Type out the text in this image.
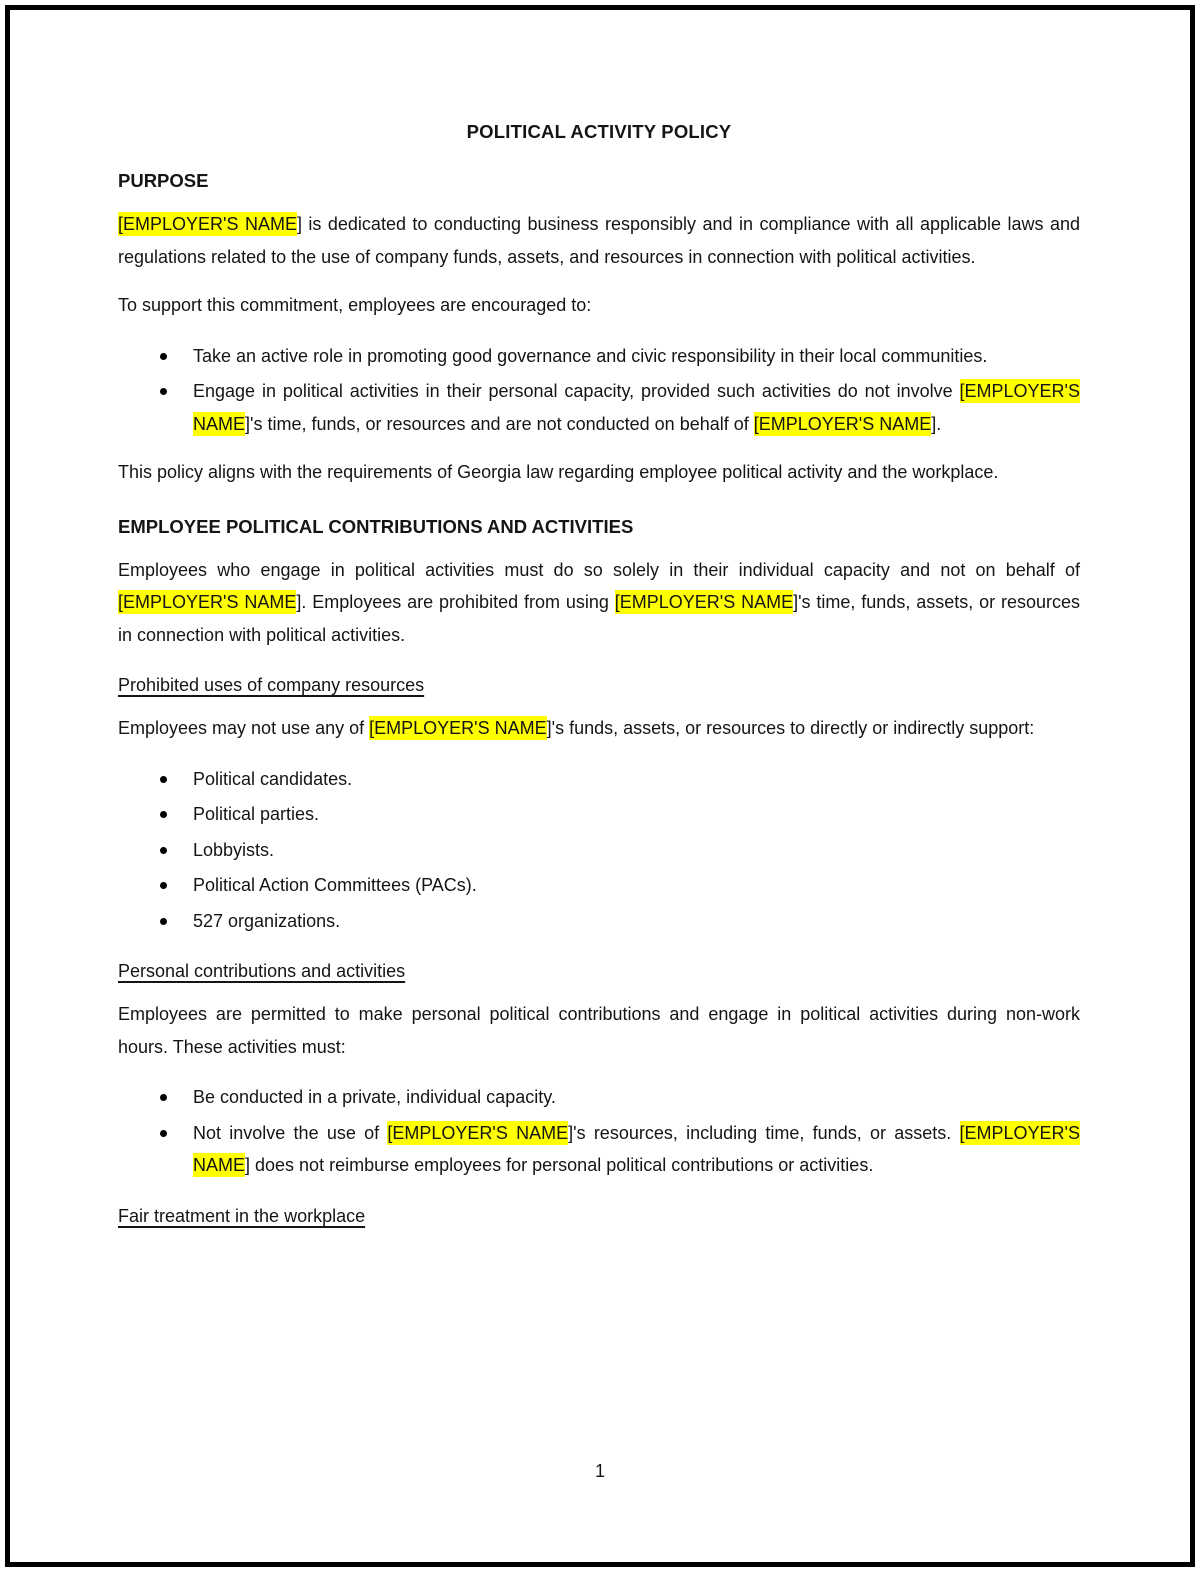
POLITICAL ACTIVITY POLICY
PURPOSE

[EMPLOYER'S NAME] is dedicated to conducting business responsibly and in compliance with all applicable laws and regulations related to the use of company funds, assets, and resources in connection with political activities.

To support this commitment, employees are encouraged to:

Take an active role in promoting good governance and civic responsibility in their local communities.
Engage in political activities in their personal capacity, provided such activities do not involve [EMPLOYER'S NAME]'s time, funds, or resources and are not conducted on behalf of [EMPLOYER'S NAME].

This policy aligns with the requirements of Georgia law regarding employee political activity and the workplace.

EMPLOYEE POLITICAL CONTRIBUTIONS AND ACTIVITIES

Employees who engage in political activities must do so solely in their individual capacity and not on behalf of [EMPLOYER'S NAME]. Employees are prohibited from using [EMPLOYER'S NAME]'s time, funds, assets, or resources in connection with political activities.

Prohibited uses of company resources

Employees may not use any of [EMPLOYER'S NAME]'s funds, assets, or resources to directly or indirectly support:

Political candidates.
Political parties.
Lobbyists.
Political Action Committees (PACs).
527 organizations.
Personal contributions and activities

Employees are permitted to make personal political contributions and engage in political activities during non-work hours. These activities must:

Be conducted in a private, individual capacity.
Not involve the use of [EMPLOYER'S NAME]'s resources, including time, funds, or assets. [EMPLOYER'S NAME] does not reimburse employees for personal political contributions or activities.
Fair treatment in the workplace
1
